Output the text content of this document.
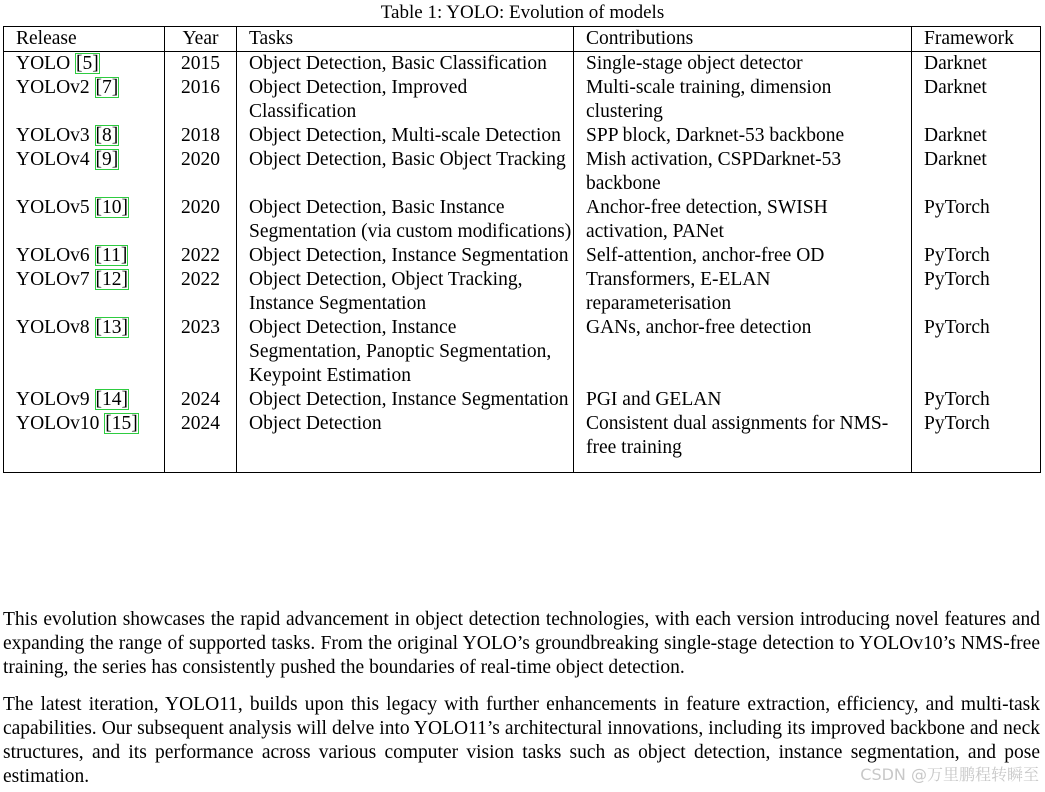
Table 1: YOLO: Evolution of models
Release	Year	Tasks	Contributions	Framework
YOLO [5]	2015	Object Detection, Basic Classification	Single-stage object detector	Darknet
YOLOv2 [7]	2016	Object Detection, Improved Classification	Multi-scale training, dimension clustering	Darknet
YOLOv3 [8]	2018	Object Detection, Multi-scale Detection	SPP block, Darknet-53 backbone	Darknet
YOLOv4 [9]	2020	Object Detection, Basic Object Tracking	Mish activation, CSPDarknet-53 backbone	Darknet
YOLOv5 [10]	2020	Object Detection, Basic Instance Segmentation (via custom modifications)	Anchor-free detection, SWISH activation, PANet	PyTorch
YOLOv6 [11]	2022	Object Detection, Instance Segmentation	Self-attention, anchor-free OD	PyTorch
YOLOv7 [12]	2022	Object Detection, Object Tracking, Instance Segmentation	Transformers, E-ELAN reparameterisation	PyTorch
YOLOv8 [13]	2023	Object Detection, Instance Segmentation, Panoptic Segmentation, Keypoint Estimation	GANs, anchor-free detection	PyTorch
YOLOv9 [14]	2024	Object Detection, Instance Segmentation	PGI and GELAN	PyTorch
YOLOv10 [15]	2024	Object Detection	Consistent dual assignments for NMS-free training	PyTorch

This evolution showcases the rapid advancement in object detection technologies, with each version introducing novel features and expanding the range of supported tasks. From the original YOLO’s groundbreaking single-stage detection to YOLOv10’s NMS-free training, the series has consistently pushed the boundaries of real-time object detection.

The latest iteration, YOLO11, builds upon this legacy with further enhancements in feature extraction, efficiency, and multi-task capabilities. Our subsequent analysis will delve into YOLO11’s architectural innovations, including its improved backbone and neck structures, and its performance across various computer vision tasks such as object detection, instance segmentation, and pose estimation.	CSDN @万里鹏程转瞬至
